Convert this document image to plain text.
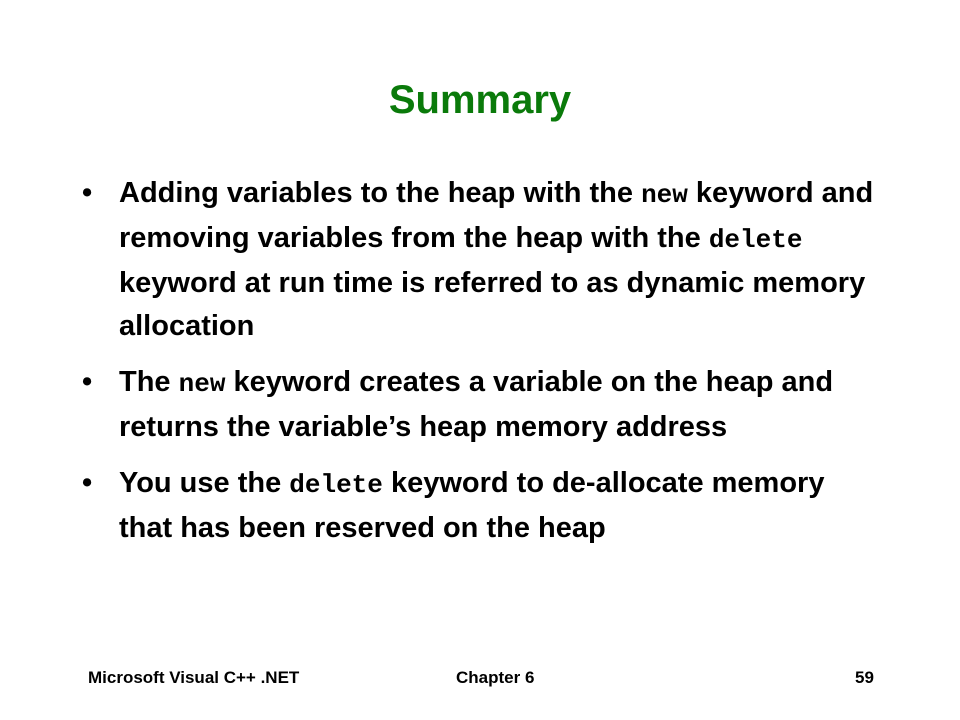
Summary
• Adding variables to the heap with the new keyword and removing variables from the heap with the delete keyword at run time is referred to as dynamic memory allocation
• The new keyword creates a variable on the heap and returns the variable’s heap memory address
• You use the delete keyword to de-allocate memory that has been reserved on the heap
Microsoft Visual C++ .NET	Chapter 6	59
